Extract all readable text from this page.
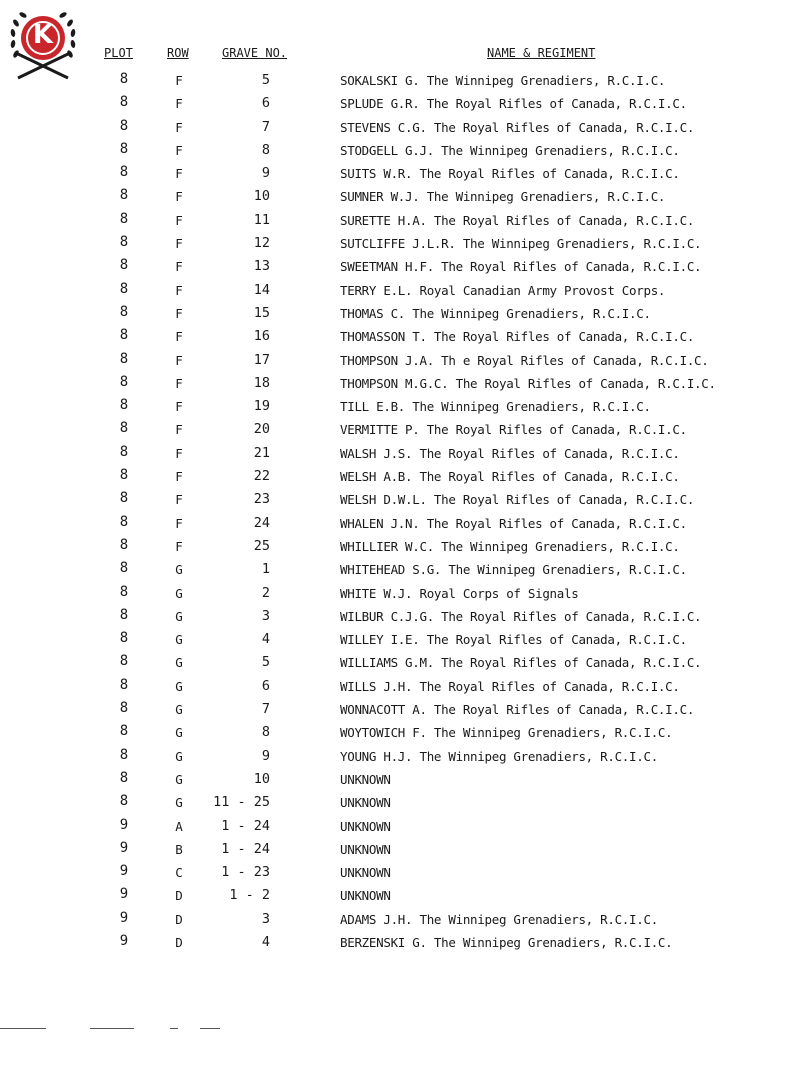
K
PLOT	ROW	GRAVE NO.	NAME & REGIMENT
8	F	5	SOKALSKI G. The Winnipeg Grenadiers, R.C.I.C.
8	F	6	SPLUDE G.R. The Royal Rifles of Canada, R.C.I.C.
8	F	7	STEVENS C.G. The Royal Rifles of Canada, R.C.I.C.
8	F	8	STODGELL G.J. The Winnipeg Grenadiers, R.C.I.C.
8	F	9	SUITS W.R. The Royal Rifles of Canada, R.C.I.C.
8	F	10	SUMNER W.J. The Winnipeg Grenadiers, R.C.I.C.
8	F	11	SURETTE H.A. The Royal Rifles of Canada, R.C.I.C.
8	F	12	SUTCLIFFE J.L.R. The Winnipeg Grenadiers, R.C.I.C.
8	F	13	SWEETMAN H.F. The Royal Rifles of Canada, R.C.I.C.
8	F	14	TERRY E.L. Royal Canadian Army Provost Corps.
8	F	15	THOMAS C. The Winnipeg Grenadiers, R.C.I.C.
8	F	16	THOMASSON T. The Royal Rifles of Canada, R.C.I.C.
8	F	17	THOMPSON J.A. Th e Royal Rifles of Canada, R.C.I.C.
8	F	18	THOMPSON M.G.C. The Royal Rifles of Canada, R.C.I.C.
8	F	19	TILL E.B. The Winnipeg Grenadiers, R.C.I.C.
8	F	20	VERMITTE P. The Royal Rifles of Canada, R.C.I.C.
8	F	21	WALSH J.S. The Royal Rifles of Canada, R.C.I.C.
8	F	22	WELSH A.B. The Royal Rifles of Canada, R.C.I.C.
8	F	23	WELSH D.W.L. The Royal Rifles of Canada, R.C.I.C.
8	F	24	WHALEN J.N. The Royal Rifles of Canada, R.C.I.C.
8	F	25	WHILLIER W.C. The Winnipeg Grenadiers, R.C.I.C.
8	G	1	WHITEHEAD S.G. The Winnipeg Grenadiers, R.C.I.C.
8	G	2	WHITE W.J. Royal Corps of Signals
8	G	3	WILBUR C.J.G. The Royal Rifles of Canada, R.C.I.C.
8	G	4	WILLEY I.E. The Royal Rifles of Canada, R.C.I.C.
8	G	5	WILLIAMS G.M. The Royal Rifles of Canada, R.C.I.C.
8	G	6	WILLS J.H. The Royal Rifles of Canada, R.C.I.C.
8	G	7	WONNACOTT A. The Royal Rifles of Canada, R.C.I.C.
8	G	8	WOYTOWICH F. The Winnipeg Grenadiers, R.C.I.C.
8	G	9	YOUNG H.J. The Winnipeg Grenadiers, R.C.I.C.
8	G	10	UNKNOWN
8	G	11 - 25	UNKNOWN
9	A	1 - 24	UNKNOWN
9	B	1 - 24	UNKNOWN
9	C	1 - 23	UNKNOWN
9	D	1 - 2	UNKNOWN
9	D	3	ADAMS J.H. The Winnipeg Grenadiers, R.C.I.C.
9	D	4	BERZENSKI G. The Winnipeg Grenadiers, R.C.I.C.
